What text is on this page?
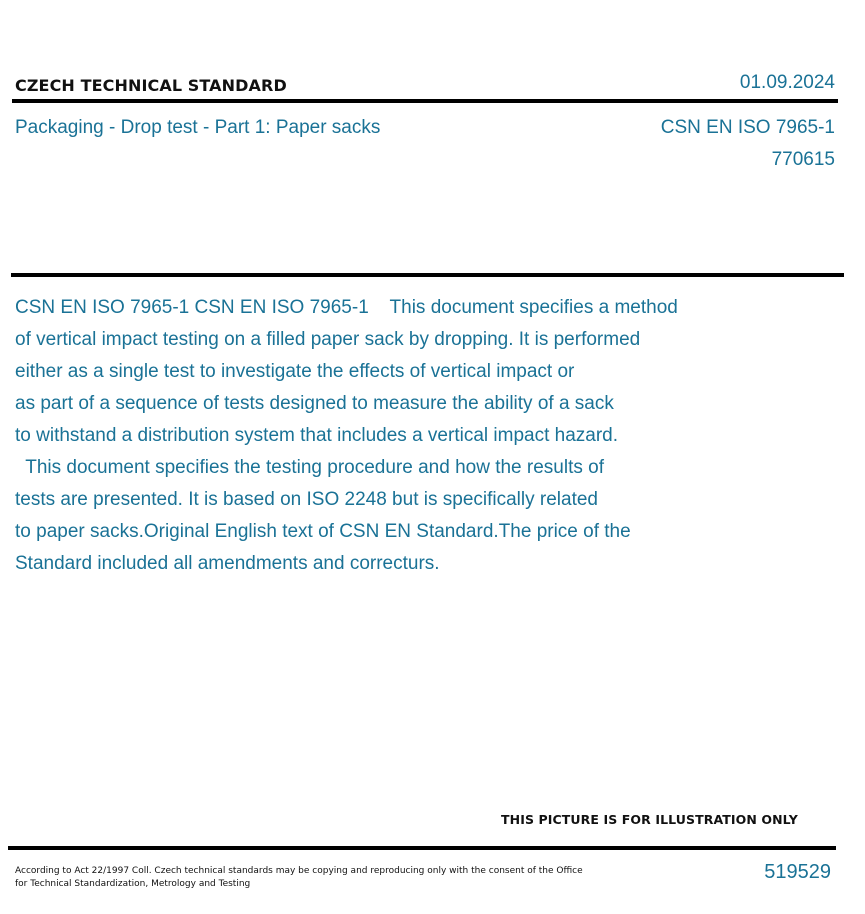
CZECH TECHNICAL STANDARD	01.09.2024
Packaging - Drop test - Part 1: Paper sacks	CSN EN ISO 7965-1
770615
CSN EN ISO 7965-1 CSN EN ISO 7965-1    This document specifies a method
of vertical impact testing on a filled paper sack by dropping. It is performed
either as a single test to investigate the effects of vertical impact or
as part of a sequence of tests designed to measure the ability of a sack
to withstand a distribution system that includes a vertical impact hazard.
This document specifies the testing procedure and how the results of
tests are presented. It is based on ISO 2248 but is specifically related
to paper sacks.Original English text of CSN EN Standard.The price of the
Standard included all amendments and correcturs.
THIS PICTURE IS FOR ILLUSTRATION ONLY
According to Act 22/1997 Coll. Czech technical standards may be copying and reproducing only with the consent of the Office
for Technical Standardization, Metrology and Testing
519529
